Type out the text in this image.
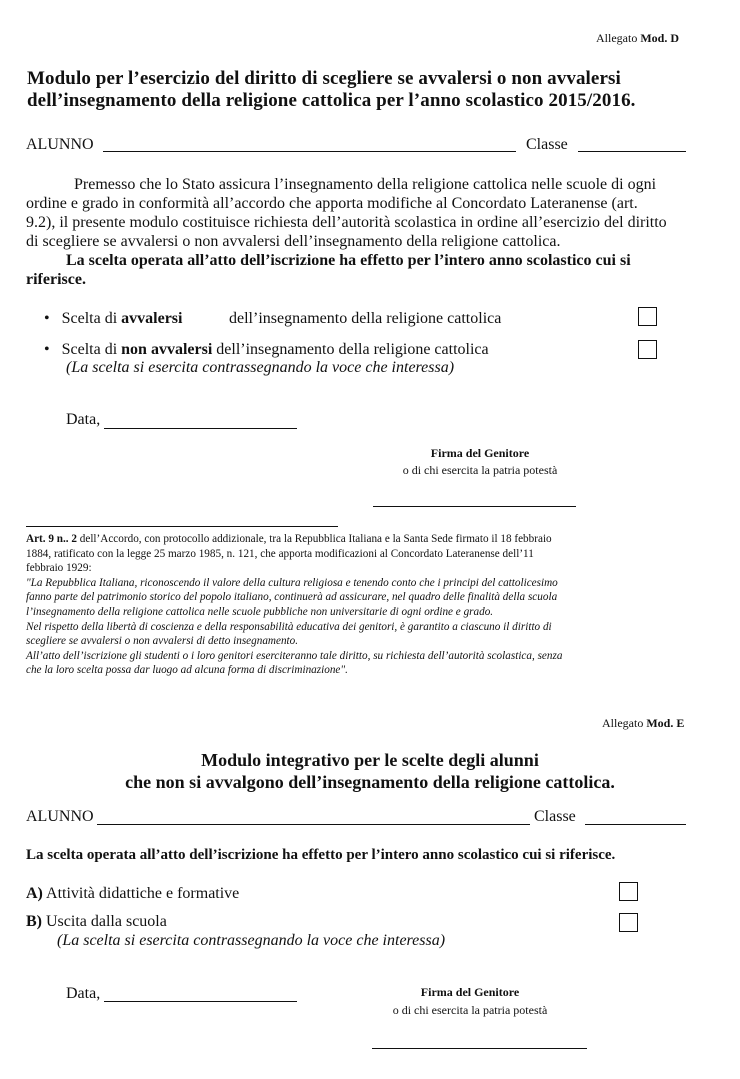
Allegato Mod. D
Modulo per l’esercizio del diritto di scegliere se avvalersi o non avvalersi
dell’insegnamento della religione cattolica per l’anno scolastico 2015/2016.
ALUNNO	Classe
Premesso che lo Stato assicura l’insegnamento della religione cattolica nelle scuole di ogni
ordine e grado in conformità all’accordo che apporta modifiche al Concordato Lateranense (art.
9.2), il presente modulo costituisce richiesta dell’autorità scolastica in ordine all’esercizio del diritto
di scegliere se avvalersi o non avvalersi dell’insegnamento della religione cattolica.
La scelta operata all’atto dell’iscrizione ha effetto per l’intero anno scolastico cui si
riferisce.
•   Scelta di avvalersi	dell’insegnamento della religione cattolica
•   Scelta di non avvalersi dell’insegnamento della religione cattolica
(La scelta si esercita contrassegnando la voce che interessa)
Data,
Firma del Genitore
o di chi esercita la patria potestà
Art. 9 n.. 2 dell’Accordo, con protocollo addizionale, tra la Repubblica Italiana e la Santa Sede firmato il 18 febbraio
1884, ratificato con la legge 25 marzo 1985, n. 121, che apporta modificazioni al Concordato Lateranense dell’11
febbraio 1929:
"La Repubblica Italiana, riconoscendo il valore della cultura religiosa e tenendo conto che i principi del cattolicesimo
fanno parte del patrimonio storico del popolo italiano, continuerà ad assicurare, nel quadro delle finalità della scuola
l’insegnamento della religione cattolica nelle scuole pubbliche non universitarie di ogni ordine e grado.
Nel rispetto della libertà di coscienza e della responsabilità educativa dei genitori, è garantito a ciascuno il diritto di
scegliere se avvalersi o non avvalersi di detto insegnamento.
All’atto dell’iscrizione gli studenti o i loro genitori eserciteranno tale diritto, su richiesta dell’autorità scolastica, senza
che la loro scelta possa dar luogo ad alcuna forma di discriminazione".
Allegato Mod. E
Modulo integrativo per le scelte degli alunni
che non si avvalgono dell’insegnamento della religione cattolica.
ALUNNO	Classe
La scelta operata all’atto dell’iscrizione ha effetto per l’intero anno scolastico cui si riferisce.
A) Attività didattiche e formative
B) Uscita dalla scuola
(La scelta si esercita contrassegnando la voce che interessa)
Data,	Firma del Genitore
o di chi esercita la patria potestà
